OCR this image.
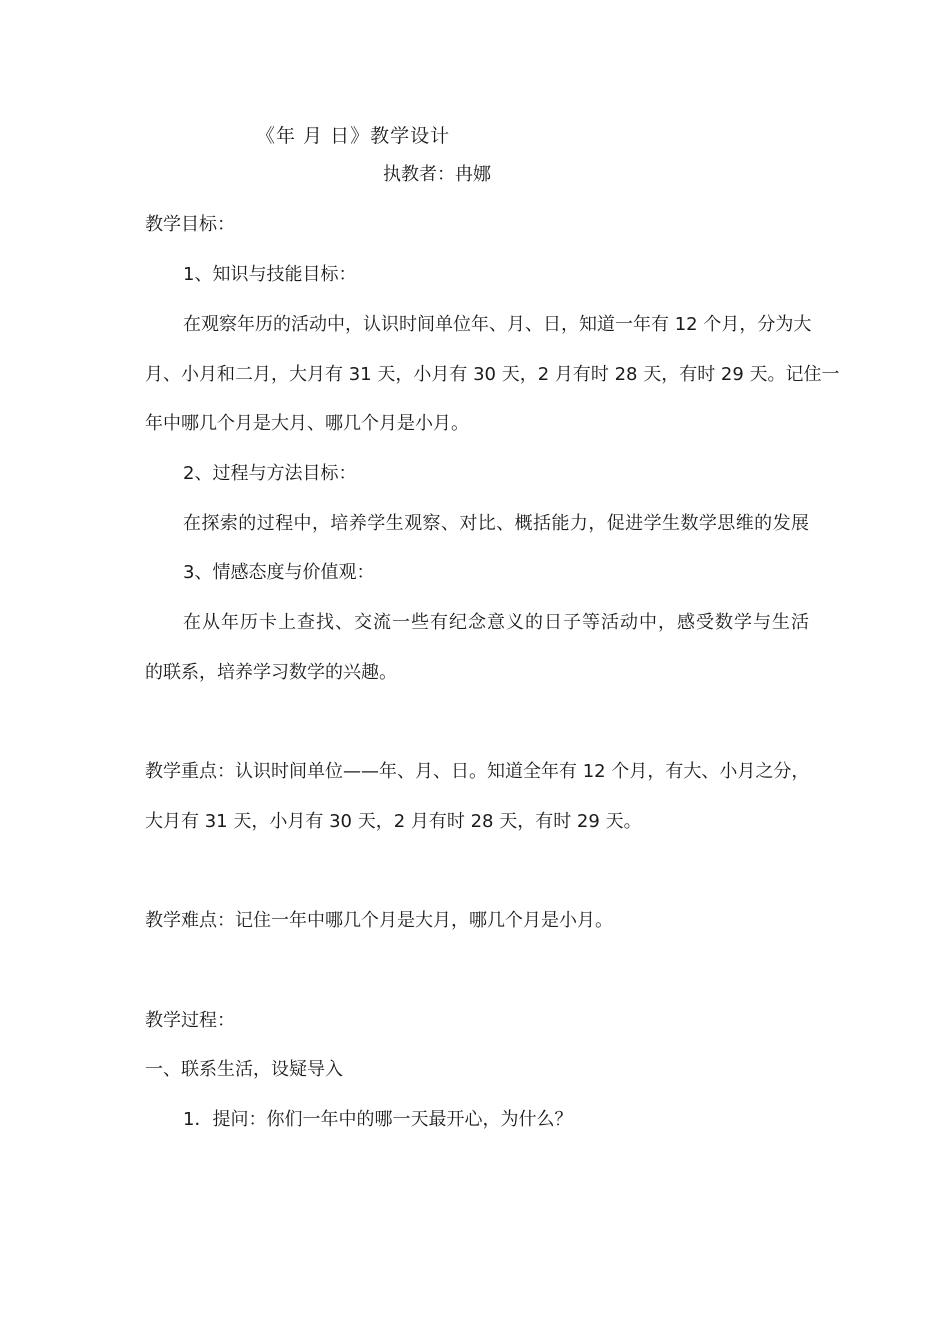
《年 月 日》教学设计
执教者：冉娜
教学目标：
1、知识与技能目标：
在观察年历的活动中，认识时间单位年、月、日，知道一年有 12 个月，分为大
月、小月和二月，大月有 31 天，小月有 30 天，2 月有时 28 天，有时 29 天。记住一
年中哪几个月是大月、哪几个月是小月。
2、过程与方法目标：
在探索的过程中，培养学生观察、对比、概括能力，促进学生数学思维的发展
3、情感态度与价值观：
在从年历卡上查找、交流一些有纪念意义的日子等活动中，感受数学与生活
的联系，培养学习数学的兴趣。
教学重点：认识时间单位——年、月、日。知道全年有 12 个月，有大、小月之分，
大月有 31 天，小月有 30 天，2 月有时 28 天，有时 29 天。
教学难点：记住一年中哪几个月是大月，哪几个月是小月。
教学过程：
一、联系生活，设疑导入
1．提问：你们一年中的哪一天最开心，为什么？
